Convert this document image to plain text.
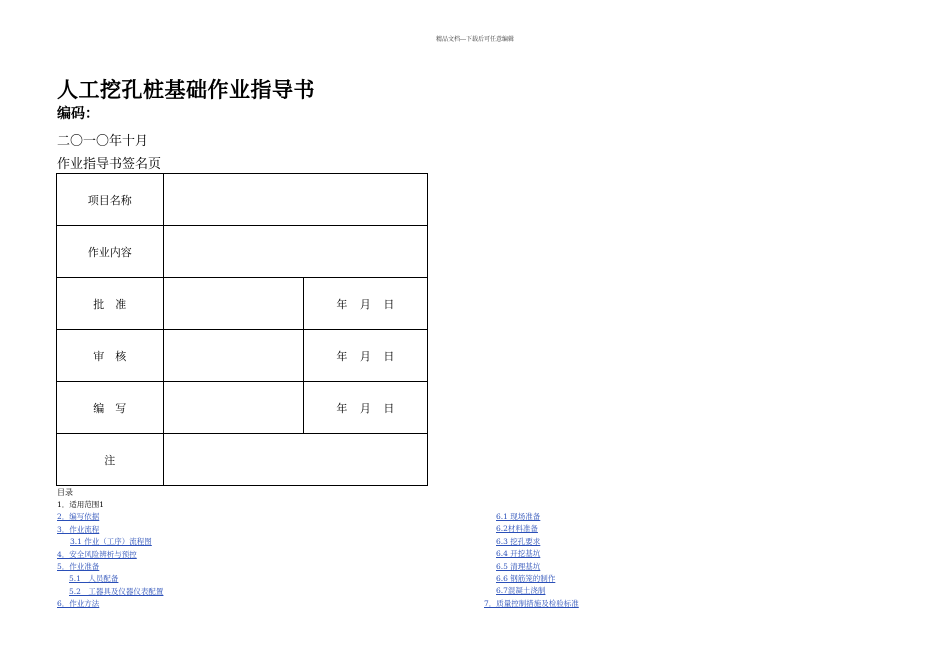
精品文档---下载后可任意编辑
人工挖孔桩基础作业指导书
编码：
二〇一〇年十月
作业指导书签名页
项目名称		
作业内容		
批　准		年 月 日
审　核		年 月 日
编　写		年 月 日
注		
目录
1．适用范围1
2．编写依据
3．作业流程
3.1 作业（工序）流程图
4．安全风险辨析与预控
5．作业准备
5.1　人员配备
5.2　工器具及仪器仪表配置
6．作业方法
6.1 现场准备
6.2材料准备
6.3 挖孔要求
6.4 开挖基坑
6.5 清理基坑
6.6 钢筋笼的制作
6.7混凝土浇制
7．质量控制措施及检验标准
